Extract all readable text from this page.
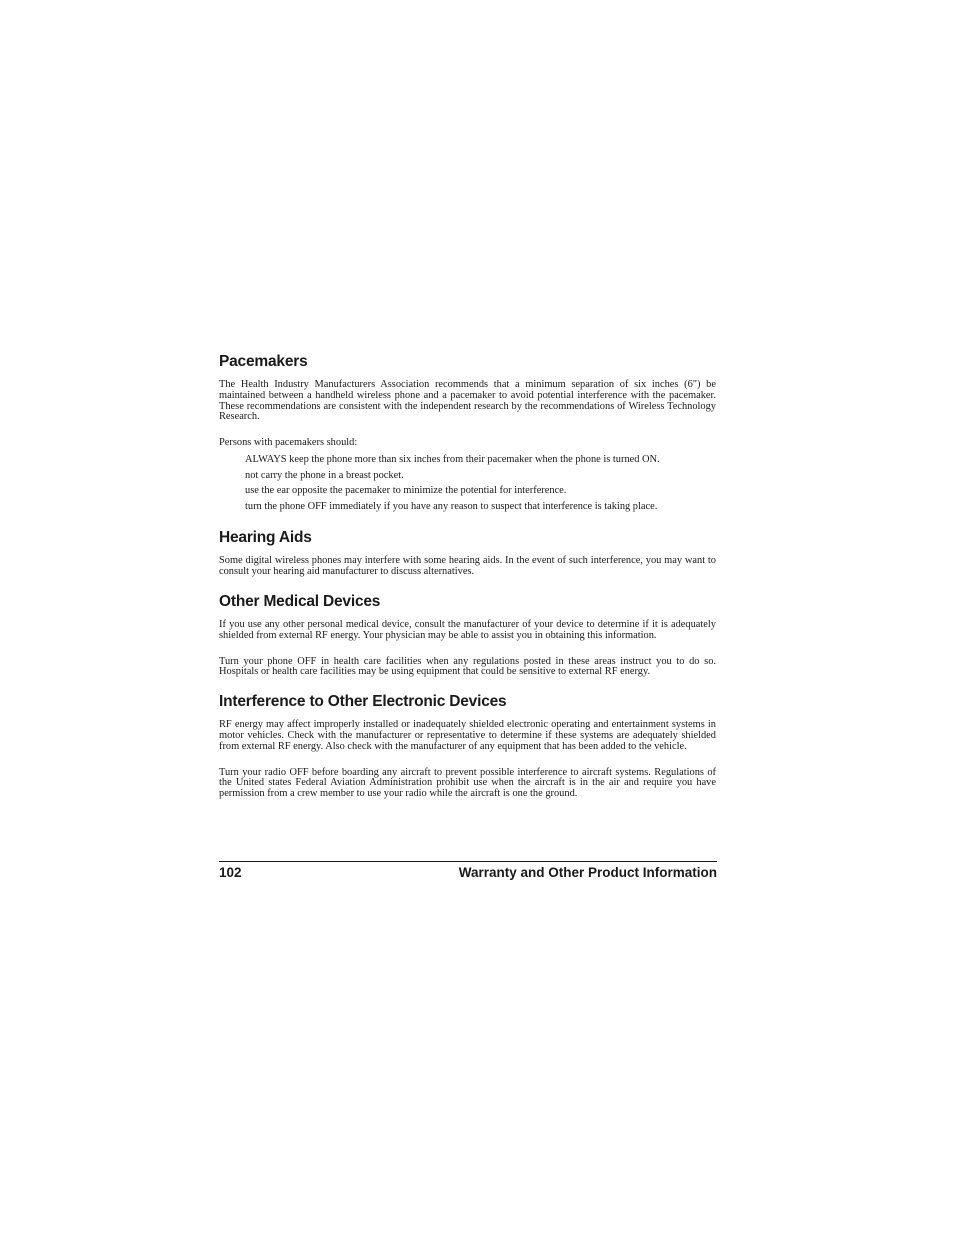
Pacemakers

The Health Industry Manufacturers Association recommends that a minimum separation of six inches (6") be maintained between a handheld wireless phone and a pacemaker to avoid potential interference with the pacemaker. These recommendations are consistent with the independent research by the recommendations of Wireless Technology Research.

Persons with pacemakers should:

ALWAYS keep the phone more than six inches from their pacemaker when the phone is turned ON.
not carry the phone in a breast pocket.
use the ear opposite the pacemaker to minimize the potential for interference.
turn the phone OFF immediately if you have any reason to suspect that interference is taking place.
Hearing Aids

Some digital wireless phones may interfere with some hearing aids. In the event of such interference, you may want to consult your hearing aid manufacturer to discuss alternatives.

Other Medical Devices

If you use any other personal medical device, consult the manufacturer of your device to determine if it is adequately shielded from external RF energy. Your physician may be able to assist you in obtaining this information.

Turn your phone OFF in health care facilities when any regulations posted in these areas instruct you to do so. Hospitals or health care facilities may be using equipment that could be sensitive to external RF energy.

Interference to Other Electronic Devices

RF energy may affect improperly installed or inadequately shielded electronic operating and entertainment systems in motor vehicles. Check with the manufacturer or representative to determine if these systems are adequately shielded from external RF energy. Also check with the manufacturer of any equipment that has been added to the vehicle.

Turn your radio OFF before boarding any aircraft to prevent possible interference to aircraft systems. Regulations of the United states Federal Aviation Administration prohibit use when the aircraft is in the air and require you have permission from a crew member to use your radio while the aircraft is one the ground.

102	Warranty and Other Product Information
